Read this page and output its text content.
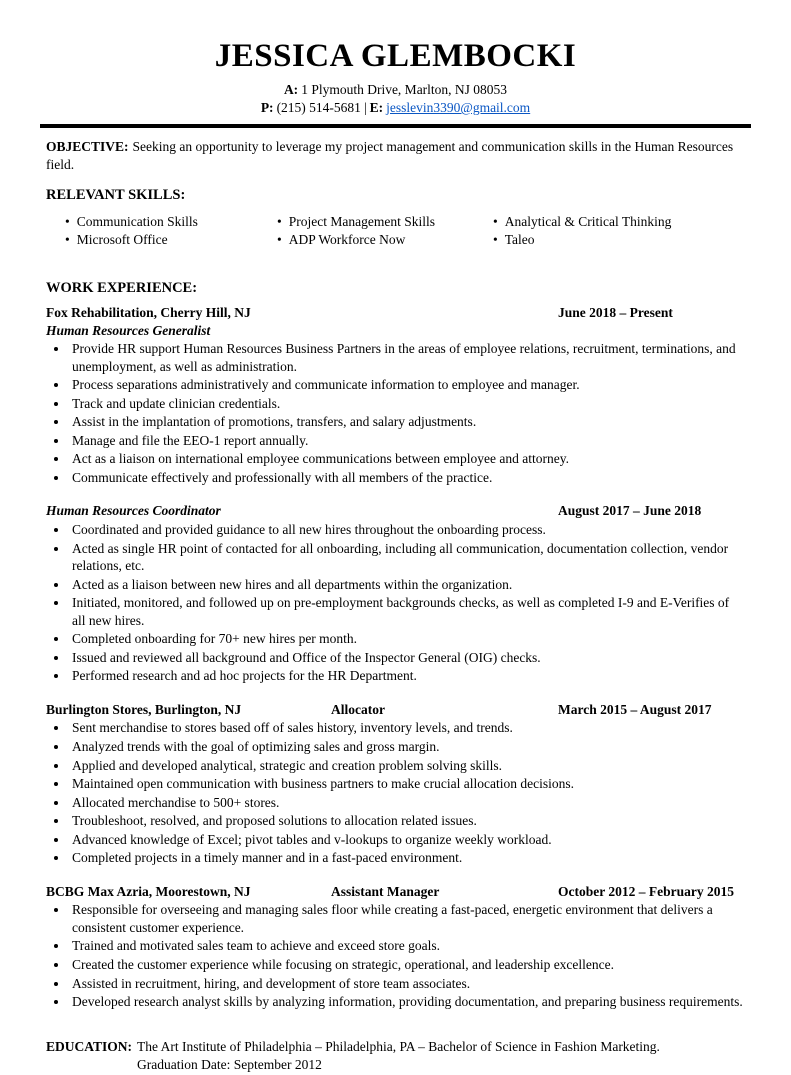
JESSICA GLEMBOCKI
A: 1 Plymouth Drive, Marlton, NJ 08053
P: (215) 514-5681 | E: jesslevin3390@gmail.com

OBJECTIVE: Seeking an opportunity to leverage my project management and communication skills in the Human Resources field.

RELEVANT SKILLS:
• Communication Skills
• Microsoft Office
• Project Management Skills
• ADP Workforce Now
• Analytical & Critical Thinking
• Taleo
WORK EXPERIENCE:
Fox Rehabilitation, Cherry Hill, NJ	June 2018 – Present
Human Resources Generalist
• Provide HR support Human Resources Business Partners in the areas of employee relations, recruitment, terminations, and unemployment, as well as administration.
• Process separations administratively and communicate information to employee and manager.
• Track and update clinician credentials.
• Assist in the implantation of promotions, transfers, and salary adjustments.
• Manage and file the EEO-1 report annually.
• Act as a liaison on international employee communications between employee and attorney.
• Communicate effectively and professionally with all members of the practice.
Human Resources Coordinator	August 2017 – June 2018
• Coordinated and provided guidance to all new hires throughout the onboarding process.
• Acted as single HR point of contacted for all onboarding, including all communication, documentation collection, vendor relations, etc.
• Acted as a liaison between new hires and all departments within the organization.
• Initiated, monitored, and followed up on pre-employment backgrounds checks, as well as completed I-9 and E-Verifies of all new hires.
• Completed onboarding for 70+ new hires per month.
• Issued and reviewed all background and Office of the Inspector General (OIG) checks.
• Performed research and ad hoc projects for the HR Department.
Burlington Stores, Burlington, NJ	Allocator	March 2015 – August 2017
• Sent merchandise to stores based off of sales history, inventory levels, and trends.
• Analyzed trends with the goal of optimizing sales and gross margin.
• Applied and developed analytical, strategic and creation problem solving skills.
• Maintained open communication with business partners to make crucial allocation decisions.
• Allocated merchandise to 500+ stores.
• Troubleshoot, resolved, and proposed solutions to allocation related issues.
• Advanced knowledge of Excel; pivot tables and v-lookups to organize weekly workload.
• Completed projects in a timely manner and in a fast-paced environment.
BCBG Max Azria, Moorestown, NJ	Assistant Manager	October 2012 – February 2015
• Responsible for overseeing and managing sales floor while creating a fast-paced, energetic environment that delivers a consistent customer experience.
• Trained and motivated sales team to achieve and exceed store goals.
• Created the customer experience while focusing on strategic, operational, and leadership excellence.
• Assisted in recruitment, hiring, and development of store team associates.
• Developed research analyst skills by analyzing information, providing documentation, and preparing business requirements.
EDUCATION: The Art Institute of Philadelphia – Philadelphia, PA – Bachelor of Science in Fashion Marketing.
Graduation Date: September 2012
